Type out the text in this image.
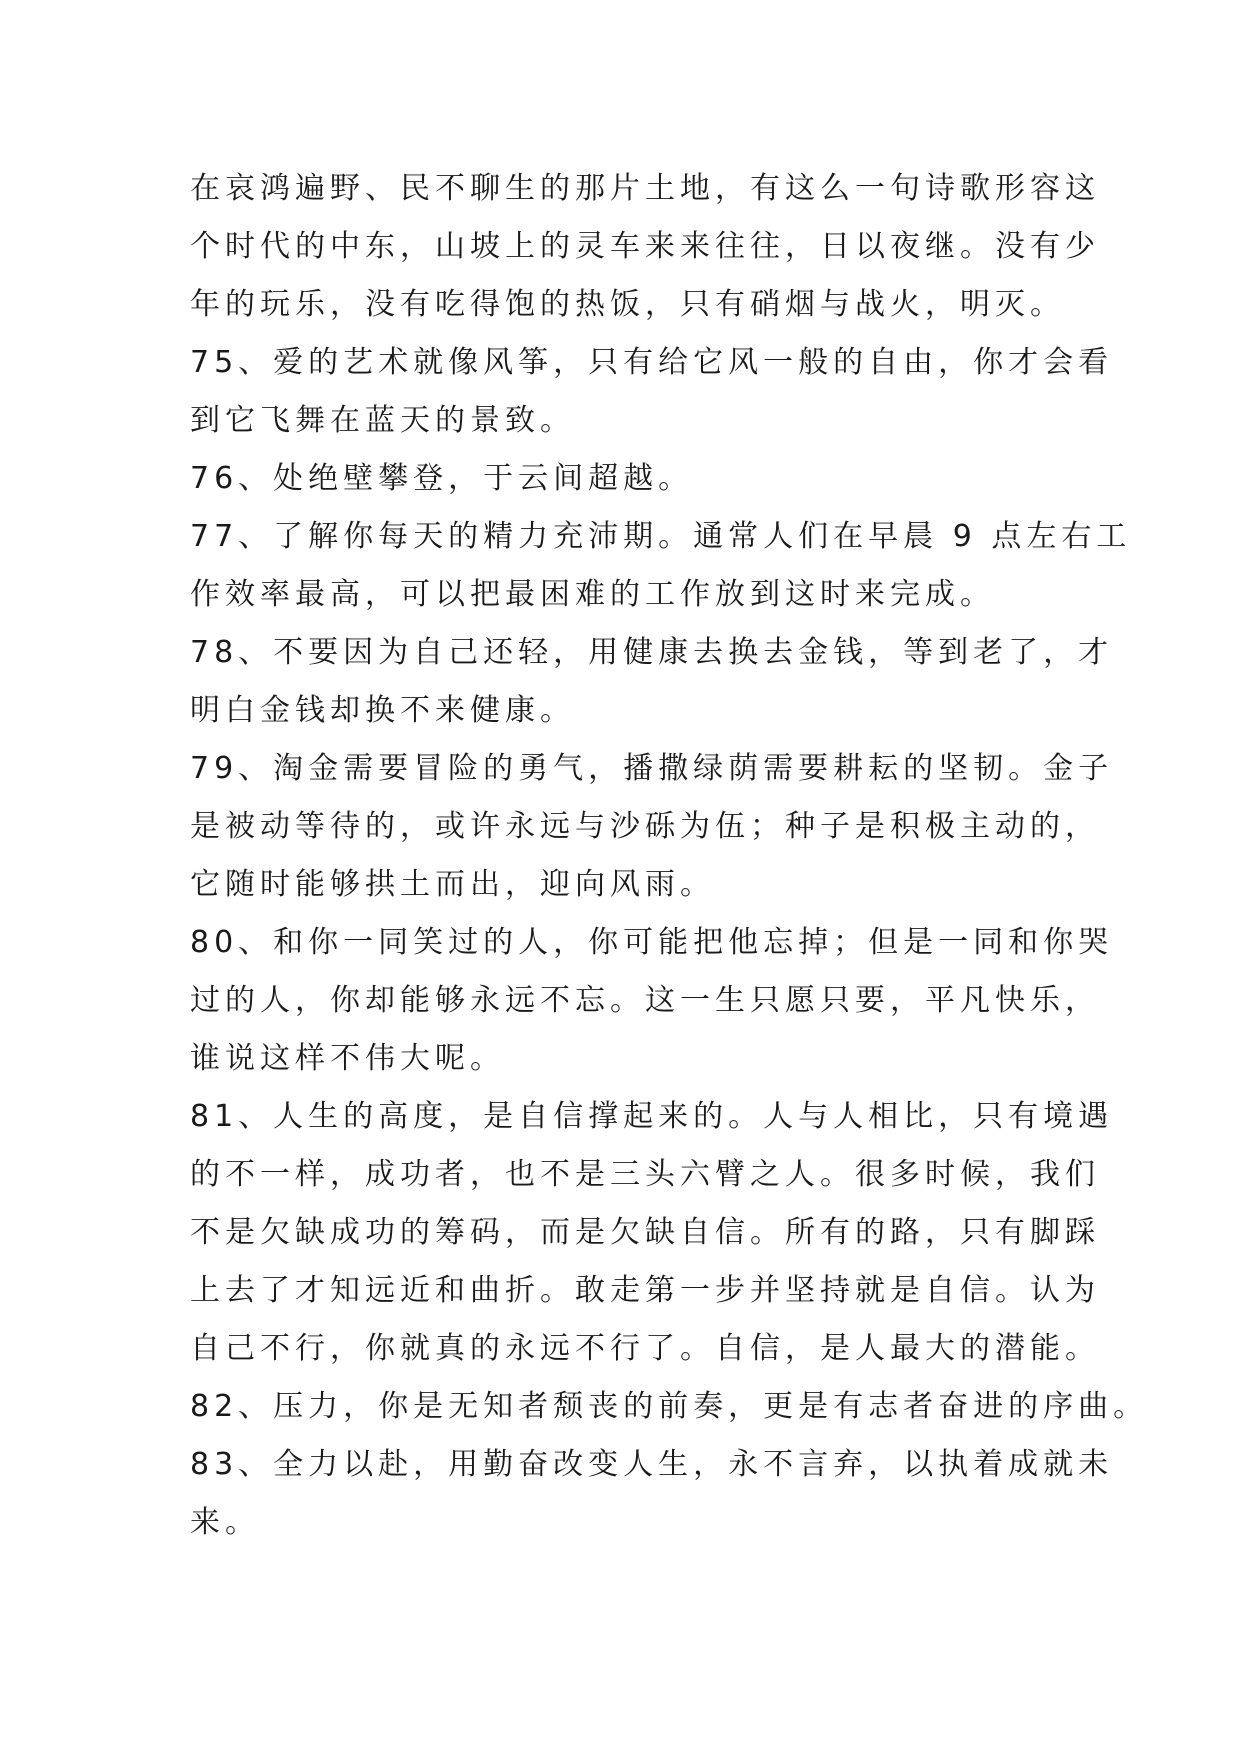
在哀鸿遍野、民不聊生的那片土地，有这么一句诗歌形容这
个时代的中东，山坡上的灵车来来往往，日以夜继。没有少
年的玩乐，没有吃得饱的热饭，只有硝烟与战火，明灭。
75、爱的艺术就像风筝，只有给它风一般的自由，你才会看
到它飞舞在蓝天的景致。
76、处绝壁攀登，于云间超越。
77、了解你每天的精力充沛期。通常人们在早晨 9 点左右工
作效率最高，可以把最困难的工作放到这时来完成。
78、不要因为自己还轻，用健康去换去金钱，等到老了，才
明白金钱却换不来健康。
79、淘金需要冒险的勇气，播撒绿荫需要耕耘的坚韧。金子
是被动等待的，或许永远与沙砾为伍；种子是积极主动的，
它随时能够拱土而出，迎向风雨。
80、和你一同笑过的人，你可能把他忘掉；但是一同和你哭
过的人，你却能够永远不忘。这一生只愿只要，平凡快乐，
谁说这样不伟大呢。
81、人生的高度，是自信撑起来的。人与人相比，只有境遇
的不一样，成功者，也不是三头六臂之人。很多时候，我们
不是欠缺成功的筹码，而是欠缺自信。所有的路，只有脚踩
上去了才知远近和曲折。敢走第一步并坚持就是自信。认为
自己不行，你就真的永远不行了。自信，是人最大的潜能。
82、压力，你是无知者颓丧的前奏，更是有志者奋进的序曲。
83、全力以赴，用勤奋改变人生，永不言弃，以执着成就未
来。
